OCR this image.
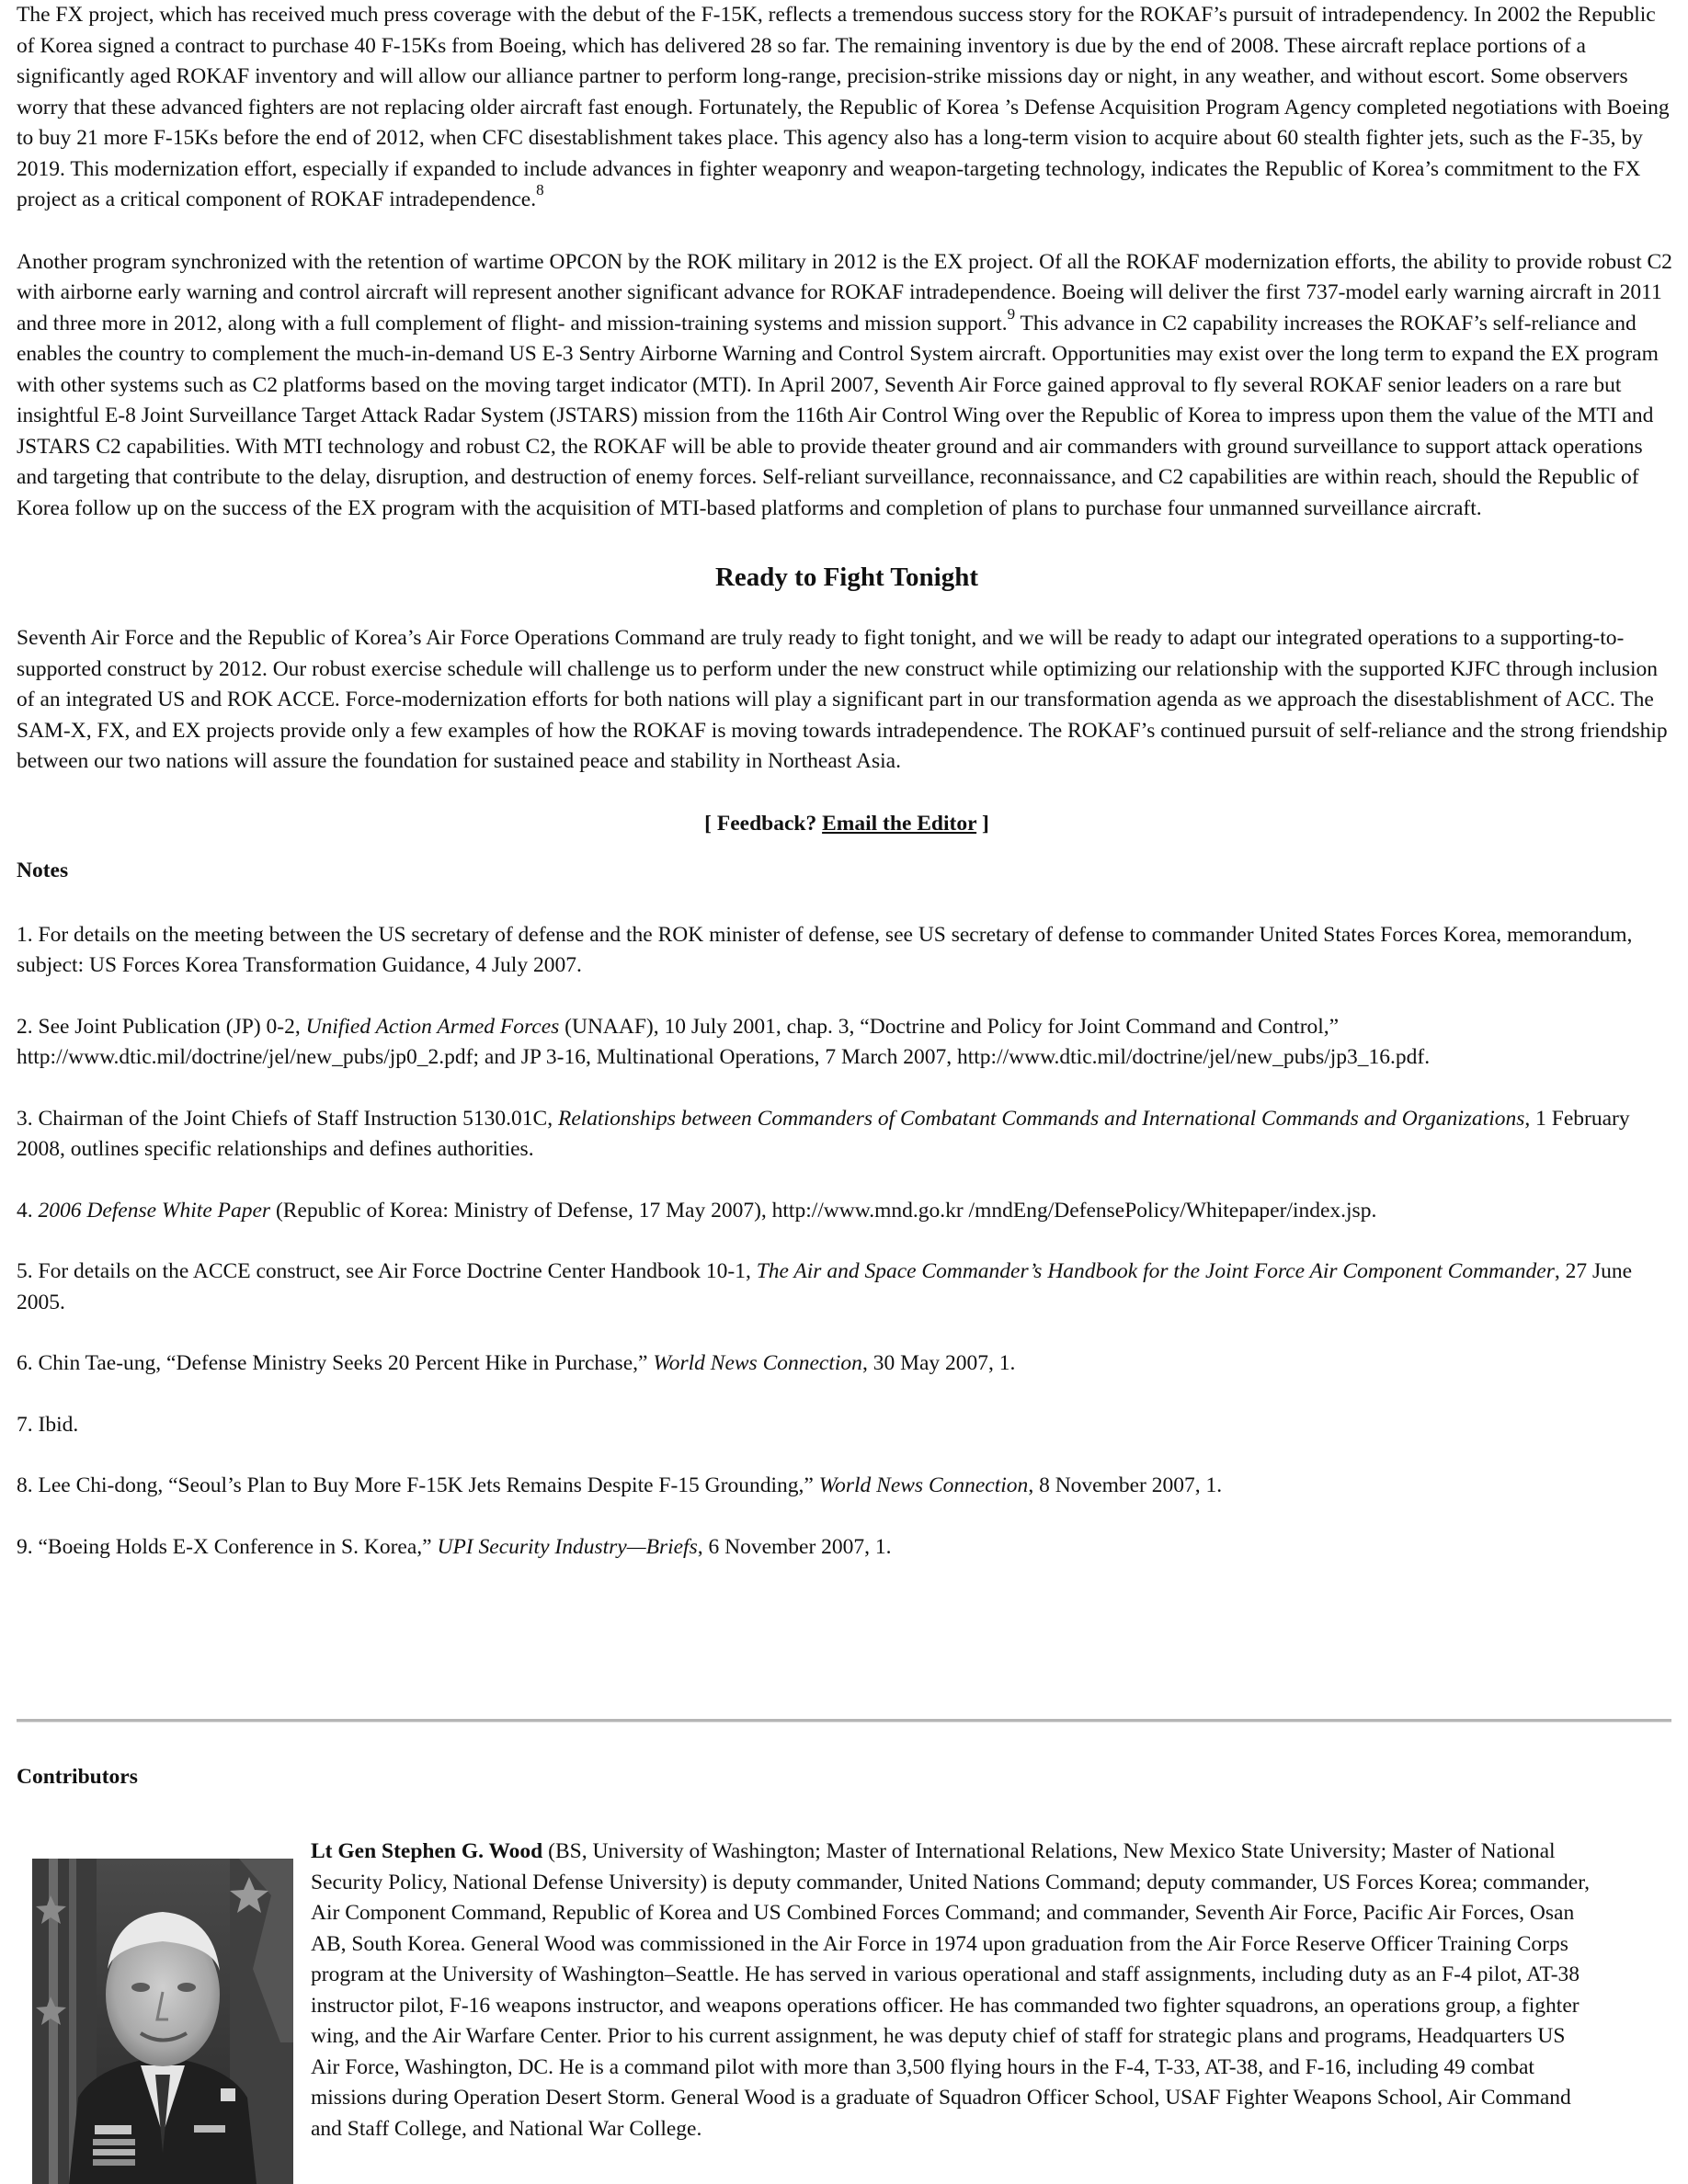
The FX project, which has received much press coverage with the debut of the F-15K, reflects a tremendous success story for the ROKAF’s pursuit of intradependency. In 2002 the Republic of Korea signed a contract to purchase 40 F-15Ks from Boeing, which has delivered 28 so far. The remaining inventory is due by the end of 2008. These aircraft replace portions of a significantly aged ROKAF inventory and will allow our alliance partner to perform long-range, precision-strike missions day or night, in any weather, and without escort. Some observers worry that these advanced fighters are not replacing older aircraft fast enough. Fortunately, the Republic of Korea ’s Defense Acquisition Program Agency completed negotiations with Boeing to buy 21 more F-15Ks before the end of 2012, when CFC disestablishment takes place. This agency also has a long-term vision to acquire about 60 stealth fighter jets, such as the F-35, by 2019. This modernization effort, especially if expanded to include advances in fighter weaponry and weapon-targeting technology, indicates the Republic of Korea’s commitment to the FX project as a critical component of ROKAF intradependence.$^8$

Another program synchronized with the retention of wartime OPCON by the ROK military in 2012 is the EX project. Of all the ROKAF modernization efforts, the ability to provide robust C2 with airborne early warning and control aircraft will represent another significant advance for ROKAF intradependence. Boeing will deliver the first 737-model early warning aircraft in 2011 and three more in 2012, along with a full complement of flight- and mission-training systems and mission support.$^9$ This advance in C2 capability increases the ROKAF’s self-reliance and enables the country to complement the much-in-demand US E-3 Sentry Airborne Warning and Control System aircraft. Opportunities may exist over the long term to expand the EX program with other systems such as C2 platforms based on the moving target indicator (MTI). In April 2007, Seventh Air Force gained approval to fly several ROKAF senior leaders on a rare but insightful E-8 Joint Surveillance Target Attack Radar System (JSTARS) mission from the 116th Air Control Wing over the Republic of Korea to impress upon them the value of the MTI and JSTARS C2 capabilities. With MTI technology and robust C2, the ROKAF will be able to provide theater ground and air commanders with ground surveillance to support attack operations and targeting that contribute to the delay, disruption, and destruction of enemy forces. Self-reliant surveillance, reconnaissance, and C2 capabilities are within reach, should the Republic of Korea follow up on the success of the EX program with the acquisition of MTI-based platforms and completion of plans to purchase four unmanned surveillance aircraft.

Ready to Fight Tonight

Seventh Air Force and the Republic of Korea’s Air Force Operations Command are truly ready to fight tonight, and we will be ready to adapt our integrated operations to a supporting-to-supported construct by 2012. Our robust exercise schedule will challenge us to perform under the new construct while optimizing our relationship with the supported KJFC through inclusion of an integrated US and ROK ACCE. Force-modernization efforts for both nations will play a significant part in our transformation agenda as we approach the disestablishment of ACC. The SAM-X, FX, and EX projects provide only a few examples of how the ROKAF is moving towards intradependence. The ROKAF’s continued pursuit of self-reliance and the strong friendship between our two nations will assure the foundation for sustained peace and stability in Northeast Asia.

[ Feedback? Email the Editor ]
Notes

1. For details on the meeting between the US secretary of defense and the ROK minister of defense, see US secretary of defense to commander United States Forces Korea, memorandum, subject: US Forces Korea Transformation Guidance, 4 July 2007.

2. See Joint Publication (JP) 0-2, Unified Action Armed Forces (UNAAF), 10 July 2001, chap. 3, “Doctrine and Policy for Joint Command and Control,” http://www.dtic.mil/doctrine/jel/new_pubs/jp0_2.pdf; and JP 3-16, Multinational Operations, 7 March 2007, http://www.dtic.mil/doctrine/jel/new_pubs/jp3_16.pdf.

3. Chairman of the Joint Chiefs of Staff Instruction 5130.01C, Relationships between Commanders of Combatant Commands and International Commands and Organizations, 1 February 2008, outlines specific relationships and defines authorities.

4. 2006 Defense White Paper (Republic of Korea: Ministry of Defense, 17 May 2007), http://www.mnd.go.kr /mndEng/DefensePolicy/Whitepaper/index.jsp.

5. For details on the ACCE construct, see Air Force Doctrine Center Handbook 10-1, The Air and Space Commander’s Handbook for the Joint Force Air Component Commander, 27 June 2005.

6. Chin Tae-ung, “Defense Ministry Seeks 20 Percent Hike in Purchase,” World News Connection, 30 May 2007, 1.

7. Ibid.

8. Lee Chi-dong, “Seoul’s Plan to Buy More F-15K Jets Remains Despite F-15 Grounding,” World News Connection, 8 November 2007, 1.

9. “Boeing Holds E-X Conference in S. Korea,” UPI Security Industry—Briefs, 6 November 2007, 1.

Contributors

Lt Gen Stephen G. Wood (BS, University of Washington; Master of International Relations, New Mexico State University; Master of National Security Policy, National Defense University) is deputy commander, United Nations Command; deputy commander, US Forces Korea; commander, Air Component Command, Republic of Korea and US Combined Forces Command; and commander, Seventh Air Force, Pacific Air Forces, Osan AB, South Korea. General Wood was commissioned in the Air Force in 1974 upon graduation from the Air Force Reserve Officer Training Corps program at the University of Washington–Seattle. He has served in various operational and staff assignments, including duty as an F-4 pilot, AT-38 instructor pilot, F-16 weapons instructor, and weapons operations officer. He has commanded two fighter squadrons, an operations group, a fighter wing, and the Air Warfare Center. Prior to his current assignment, he was deputy chief of staff for strategic plans and programs, Headquarters US Air Force, Washington, DC. He is a command pilot with more than 3,500 flying hours in the F-4, T-33, AT-38, and F-16, including 49 combat missions during Operation Desert Storm. General Wood is a graduate of Squadron Officer School, USAF Fighter Weapons School, Air Command and Staff College, and National War College.
